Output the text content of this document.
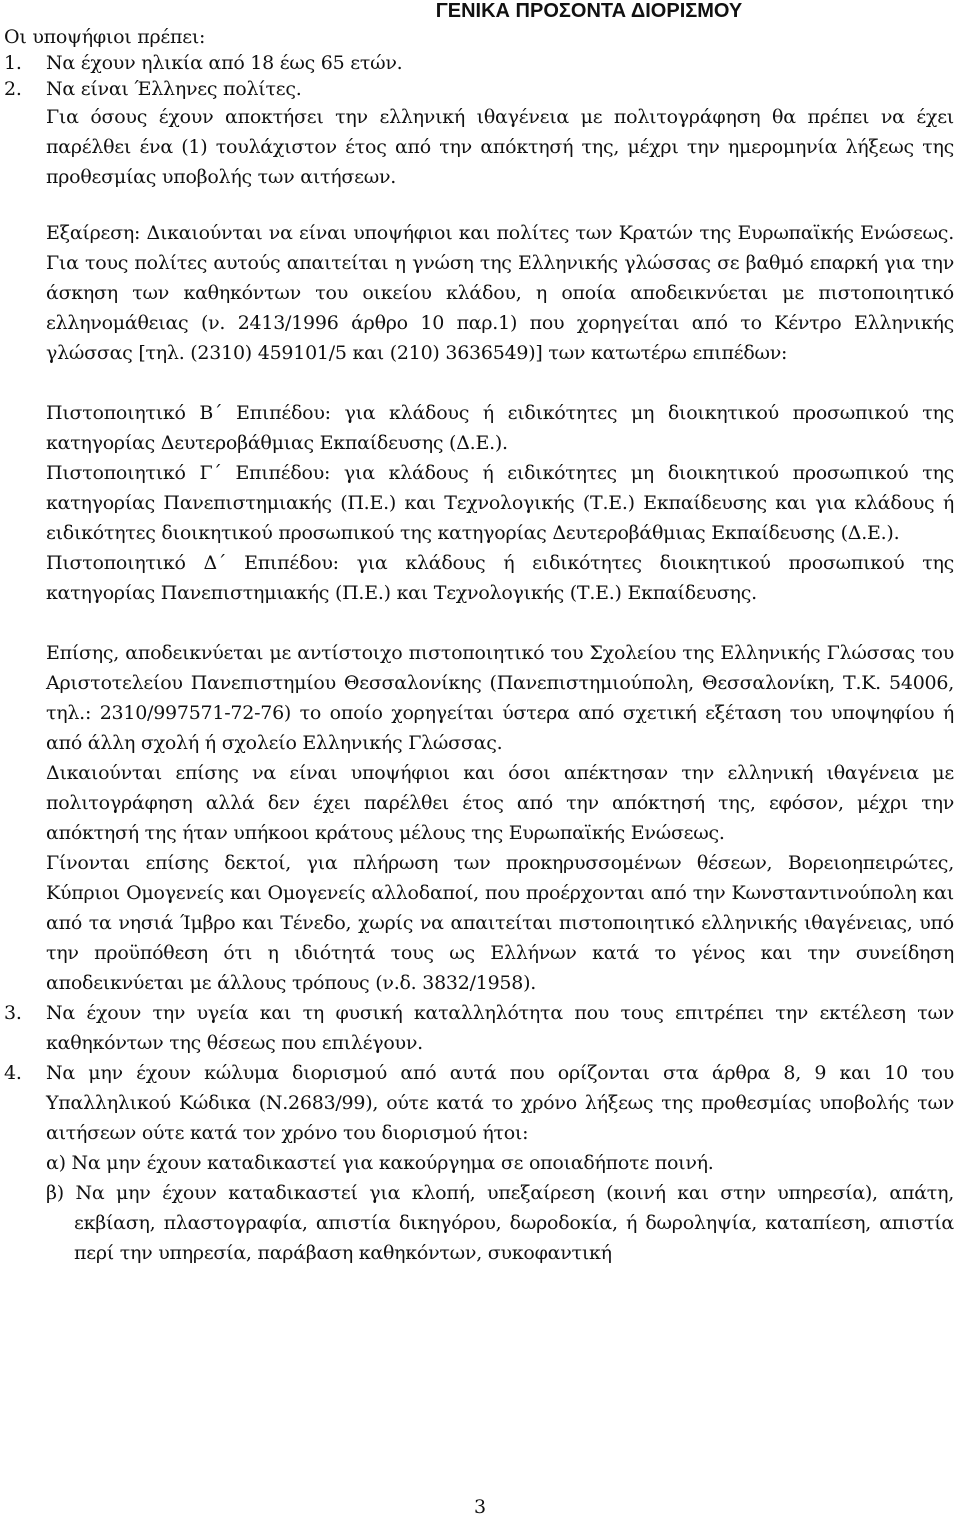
ΓΕΝΙΚΑ ΠΡΟΣΟΝΤΑ ΔΙΟΡΙΣΜΟΥ
Οι υποψήφιοι πρέπει:
1.	Να έχουν ηλικία από 18 έως 65 ετών.
2.	Να είναι Έλληνες πολίτες.
Για όσους έχουν αποκτήσει την ελληνική ιθαγένεια με πολιτογράφηση θα πρέπει να έχει παρέλθει ένα (1) τουλάχιστον έτος από την απόκτησή της, μέχρι την ημερομηνία λήξεως της προθεσμίας υποβολής των αιτήσεων.
Εξαίρεση: Δικαιούνται να είναι υποψήφιοι και πολίτες των Κρατών της Ευρωπαϊκής Ενώσεως. Για τους πολίτες αυτούς απαιτείται η γνώση της Ελληνικής γλώσσας σε βαθμό επαρκή για την άσκηση των καθηκόντων του οικείου κλάδου, η οποία αποδεικνύεται με πιστοποιητικό ελληνομάθειας (ν. 2413/1996 άρθρο 10 παρ.1) που χορηγείται από το Κέντρο Ελληνικής γλώσσας [τηλ. (2310) 459101/5 και (210) 3636549)] των κατωτέρω επιπέδων:
Πιστοποιητικό Β΄ Επιπέδου: για κλάδους ή ειδικότητες μη διοικητικού προσωπικού της κατηγορίας Δευτεροβάθμιας Εκπαίδευσης (Δ.Ε.).
Πιστοποιητικό Γ΄ Επιπέδου: για κλάδους ή ειδικότητες μη διοικητικού προσωπικού της κατηγορίας Πανεπιστημιακής (Π.Ε.) και Τεχνολογικής (Τ.Ε.) Εκπαίδευσης και για κλάδους ή ειδικότητες διοικητικού προσωπικού της κατηγορίας Δευτεροβάθμιας Εκπαίδευσης (Δ.Ε.).
Πιστοποιητικό Δ΄ Επιπέδου: για κλάδους ή ειδικότητες διοικητικού προσωπικού της κατηγορίας Πανεπιστημιακής (Π.Ε.) και Τεχνολογικής (Τ.Ε.) Εκπαίδευσης.
Επίσης, αποδεικνύεται με αντίστοιχο πιστοποιητικό του Σχολείου της Ελληνικής Γλώσσας του Αριστοτελείου Πανεπιστημίου Θεσσαλονίκης (Πανεπιστημιούπολη, Θεσσαλονίκη, Τ.Κ. 54006, τηλ.: 2310/997571-72-76) το οποίο χορηγείται ύστερα από σχετική εξέταση του υποψηφίου ή από άλλη σχολή ή σχολείο Ελληνικής Γλώσσας.
Δικαιούνται επίσης να είναι υποψήφιοι και όσοι απέκτησαν την ελληνική ιθαγένεια με πολιτογράφηση αλλά δεν έχει παρέλθει έτος από την απόκτησή της, εφόσον, μέχρι την απόκτησή της ήταν υπήκοοι κράτους μέλους της Ευρωπαϊκής Ενώσεως.
Γίνονται επίσης δεκτοί, για πλήρωση των προκηρυσσομένων θέσεων, Βορειοηπειρώτες, Κύπριοι Ομογενείς και Ομογενείς αλλοδαποί, που προέρχονται από την Κωνσταντινούπολη και από τα νησιά Ίμβρο και Τένεδο, χωρίς να απαιτείται πιστοποιητικό ελληνικής ιθαγένειας, υπό την προϋπόθεση ότι η ιδιότητά τους ως Ελλήνων κατά το γένος και την συνείδηση αποδεικνύεται με άλλους τρόπους (ν.δ. 3832/1958).
3.	Να έχουν την υγεία και τη φυσική καταλληλότητα που τους επιτρέπει την εκτέλεση των καθηκόντων της θέσεως που επιλέγουν.
4.	Να μην έχουν κώλυμα διορισμού από αυτά που ορίζονται στα άρθρα 8, 9 και 10 του Υπαλληλικού Κώδικα (Ν.2683/99), ούτε κατά το χρόνο λήξεως της προθεσμίας υποβολής των αιτήσεων ούτε κατά τον χρόνο του διορισμού ήτοι:
α) Να μην έχουν καταδικαστεί για κακούργημα σε οποιαδήποτε ποινή.
β) Να μην έχουν καταδικαστεί για κλοπή, υπεξαίρεση (κοινή και στην υπηρεσία), απάτη, εκβίαση, πλαστογραφία, απιστία δικηγόρου, δωροδοκία, ή δωροληψία, καταπίεση, απιστία περί την υπηρεσία, παράβαση καθηκόντων, συκοφαντική
3
